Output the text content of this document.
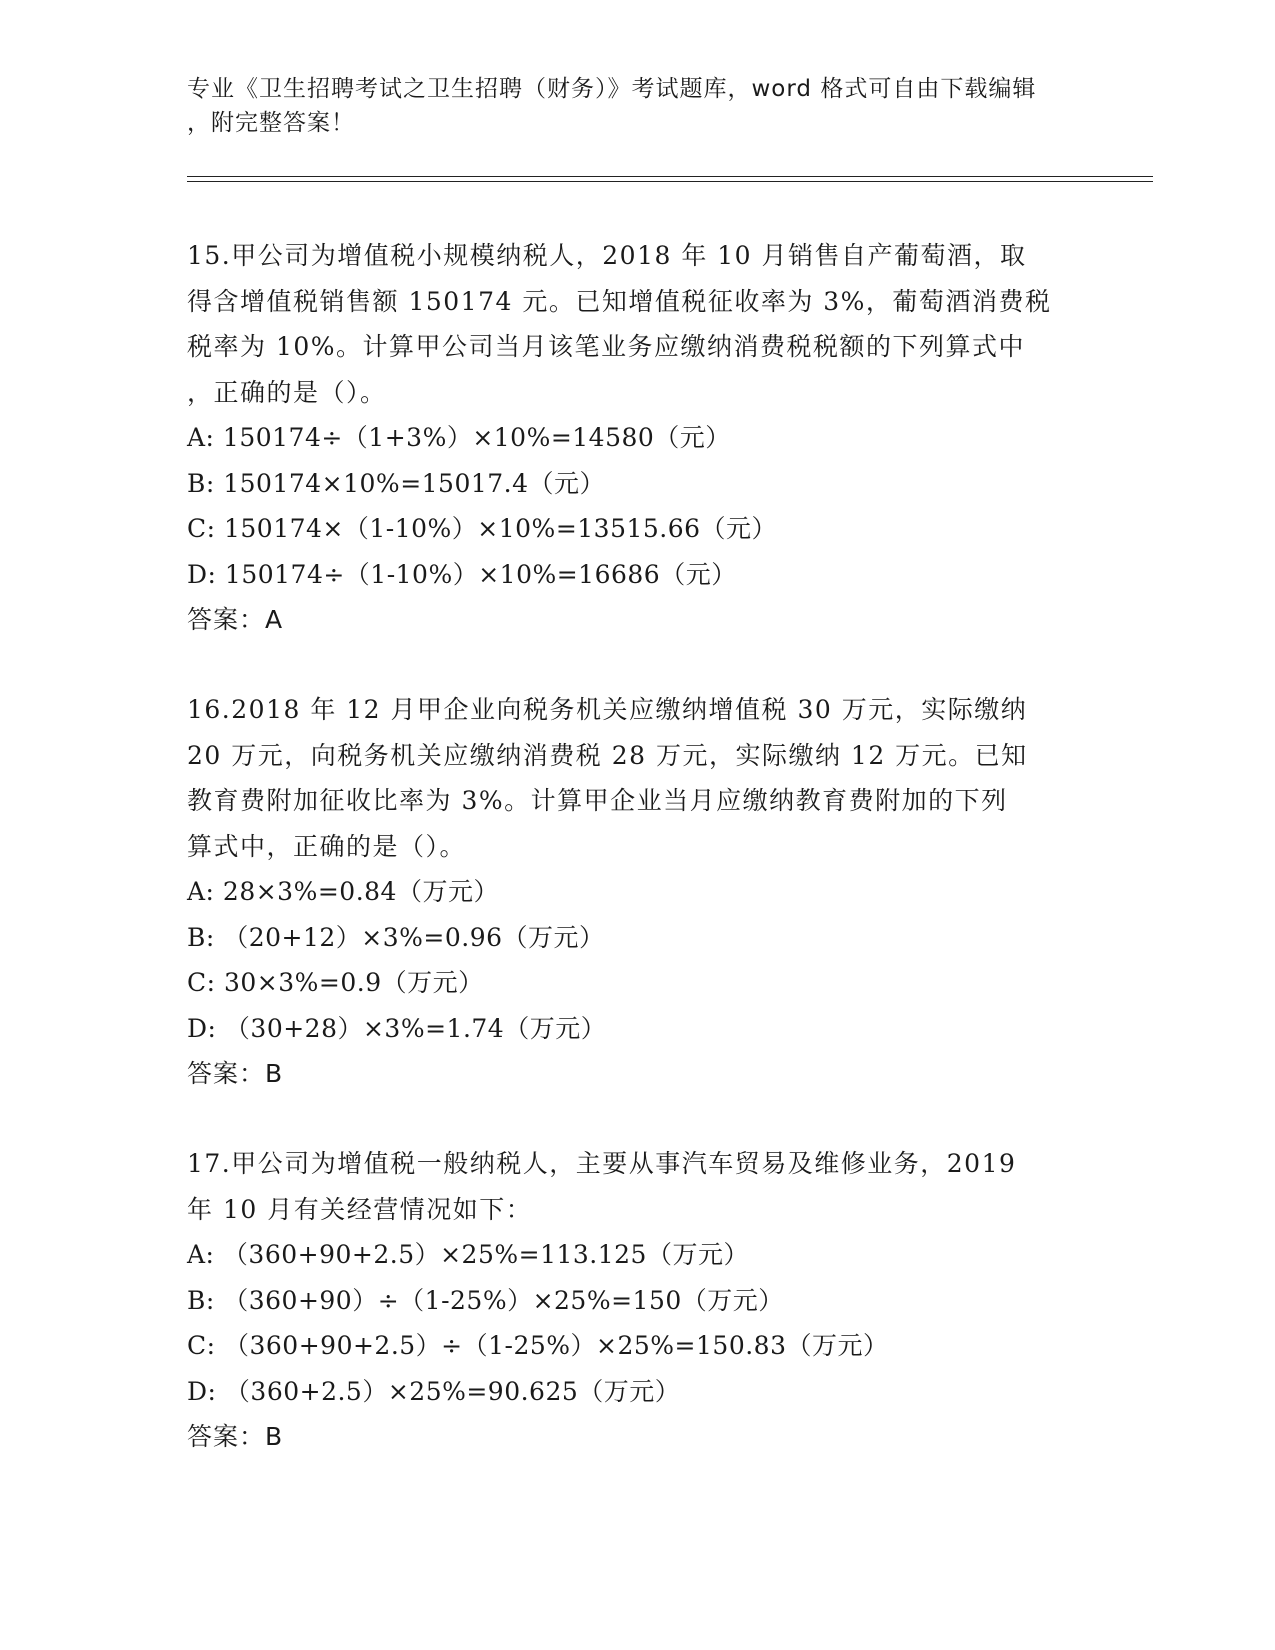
专业《卫生招聘考试之卫生招聘（财务）》考试题库，word 格式可自由下载编辑
，附完整答案！
15.甲公司为增值税小规模纳税人，2018 年 10 月销售自产葡萄酒，取
得含增值税销售额 150174 元。已知增值税征收率为 3%，葡萄酒消费税
税率为 10%。计算甲公司当月该笔业务应缴纳消费税税额的下列算式中
，正确的是（）。
A: 150174÷（1+3%）×10%=14580（元）
B: 150174×10%=15017.4（元）
C: 150174×（1-10%）×10%=13515.66（元）
D: 150174÷（1-10%）×10%=16686（元）
答案：A
16.2018 年 12 月甲企业向税务机关应缴纳增值税 30 万元，实际缴纳
20 万元，向税务机关应缴纳消费税 28 万元，实际缴纳 12 万元。已知
教育费附加征收比率为 3%。计算甲企业当月应缴纳教育费附加的下列
算式中，正确的是（）。
A: 28×3%=0.84（万元）
B: （20+12）×3%=0.96（万元）
C: 30×3%=0.9（万元）
D: （30+28）×3%=1.74（万元）
答案：B
17.甲公司为增值税一般纳税人，主要从事汽车贸易及维修业务，2019
年 10 月有关经营情况如下：
A: （360+90+2.5）×25%=113.125（万元）
B: （360+90）÷（1-25%）×25%=150（万元）
C: （360+90+2.5）÷（1-25%）×25%=150.83（万元）
D: （360+2.5）×25%=90.625（万元）
答案：B
